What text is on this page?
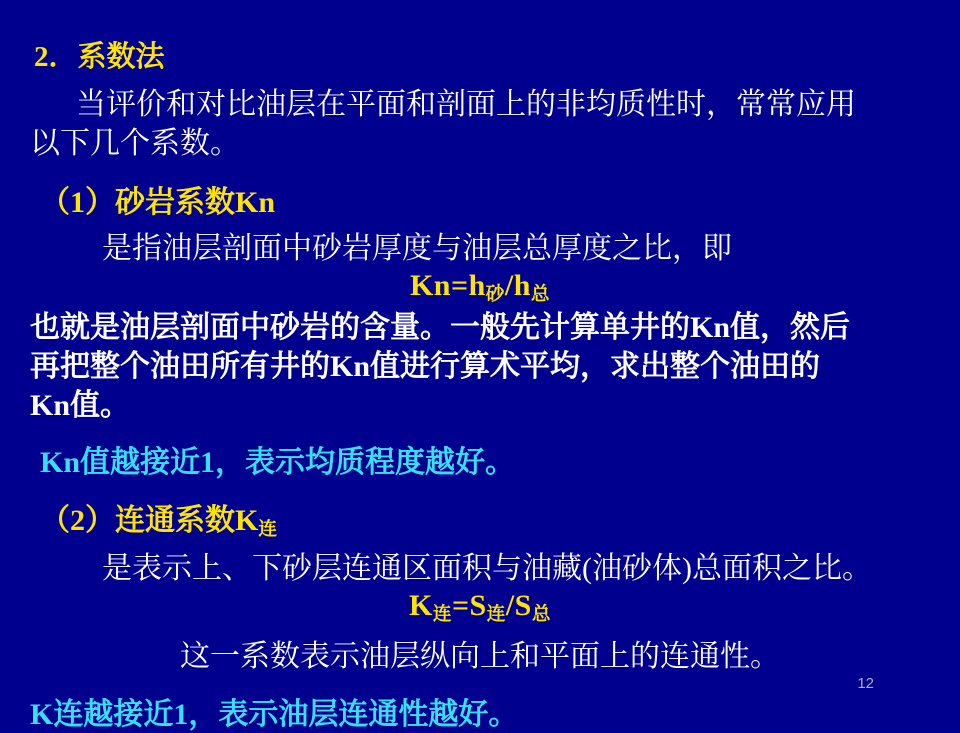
2．系数法
当评价和对比油层在平面和剖面上的非均质性时，常常应用
以下几个系数。
（1）砂岩系数Kn
是指油层剖面中砂岩厚度与油层总厚度之比，即
$Kn=h_砂/h_总$
也就是油层剖面中砂岩的含量。一般先计算单井的Kn值，然后
再把整个油田所有井的Kn值进行算术平均，求出整个油田的
Kn值。
Kn值越接近1，表示均质程度越好。
（2）连通系数$K_连$
是表示上、下砂层连通区面积与油藏(油砂体)总面积之比。
$K_连=S_连/S_总$
这一系数表示油层纵向上和平面上的连通性。
K连越接近1，表示油层连通性越好。
12
